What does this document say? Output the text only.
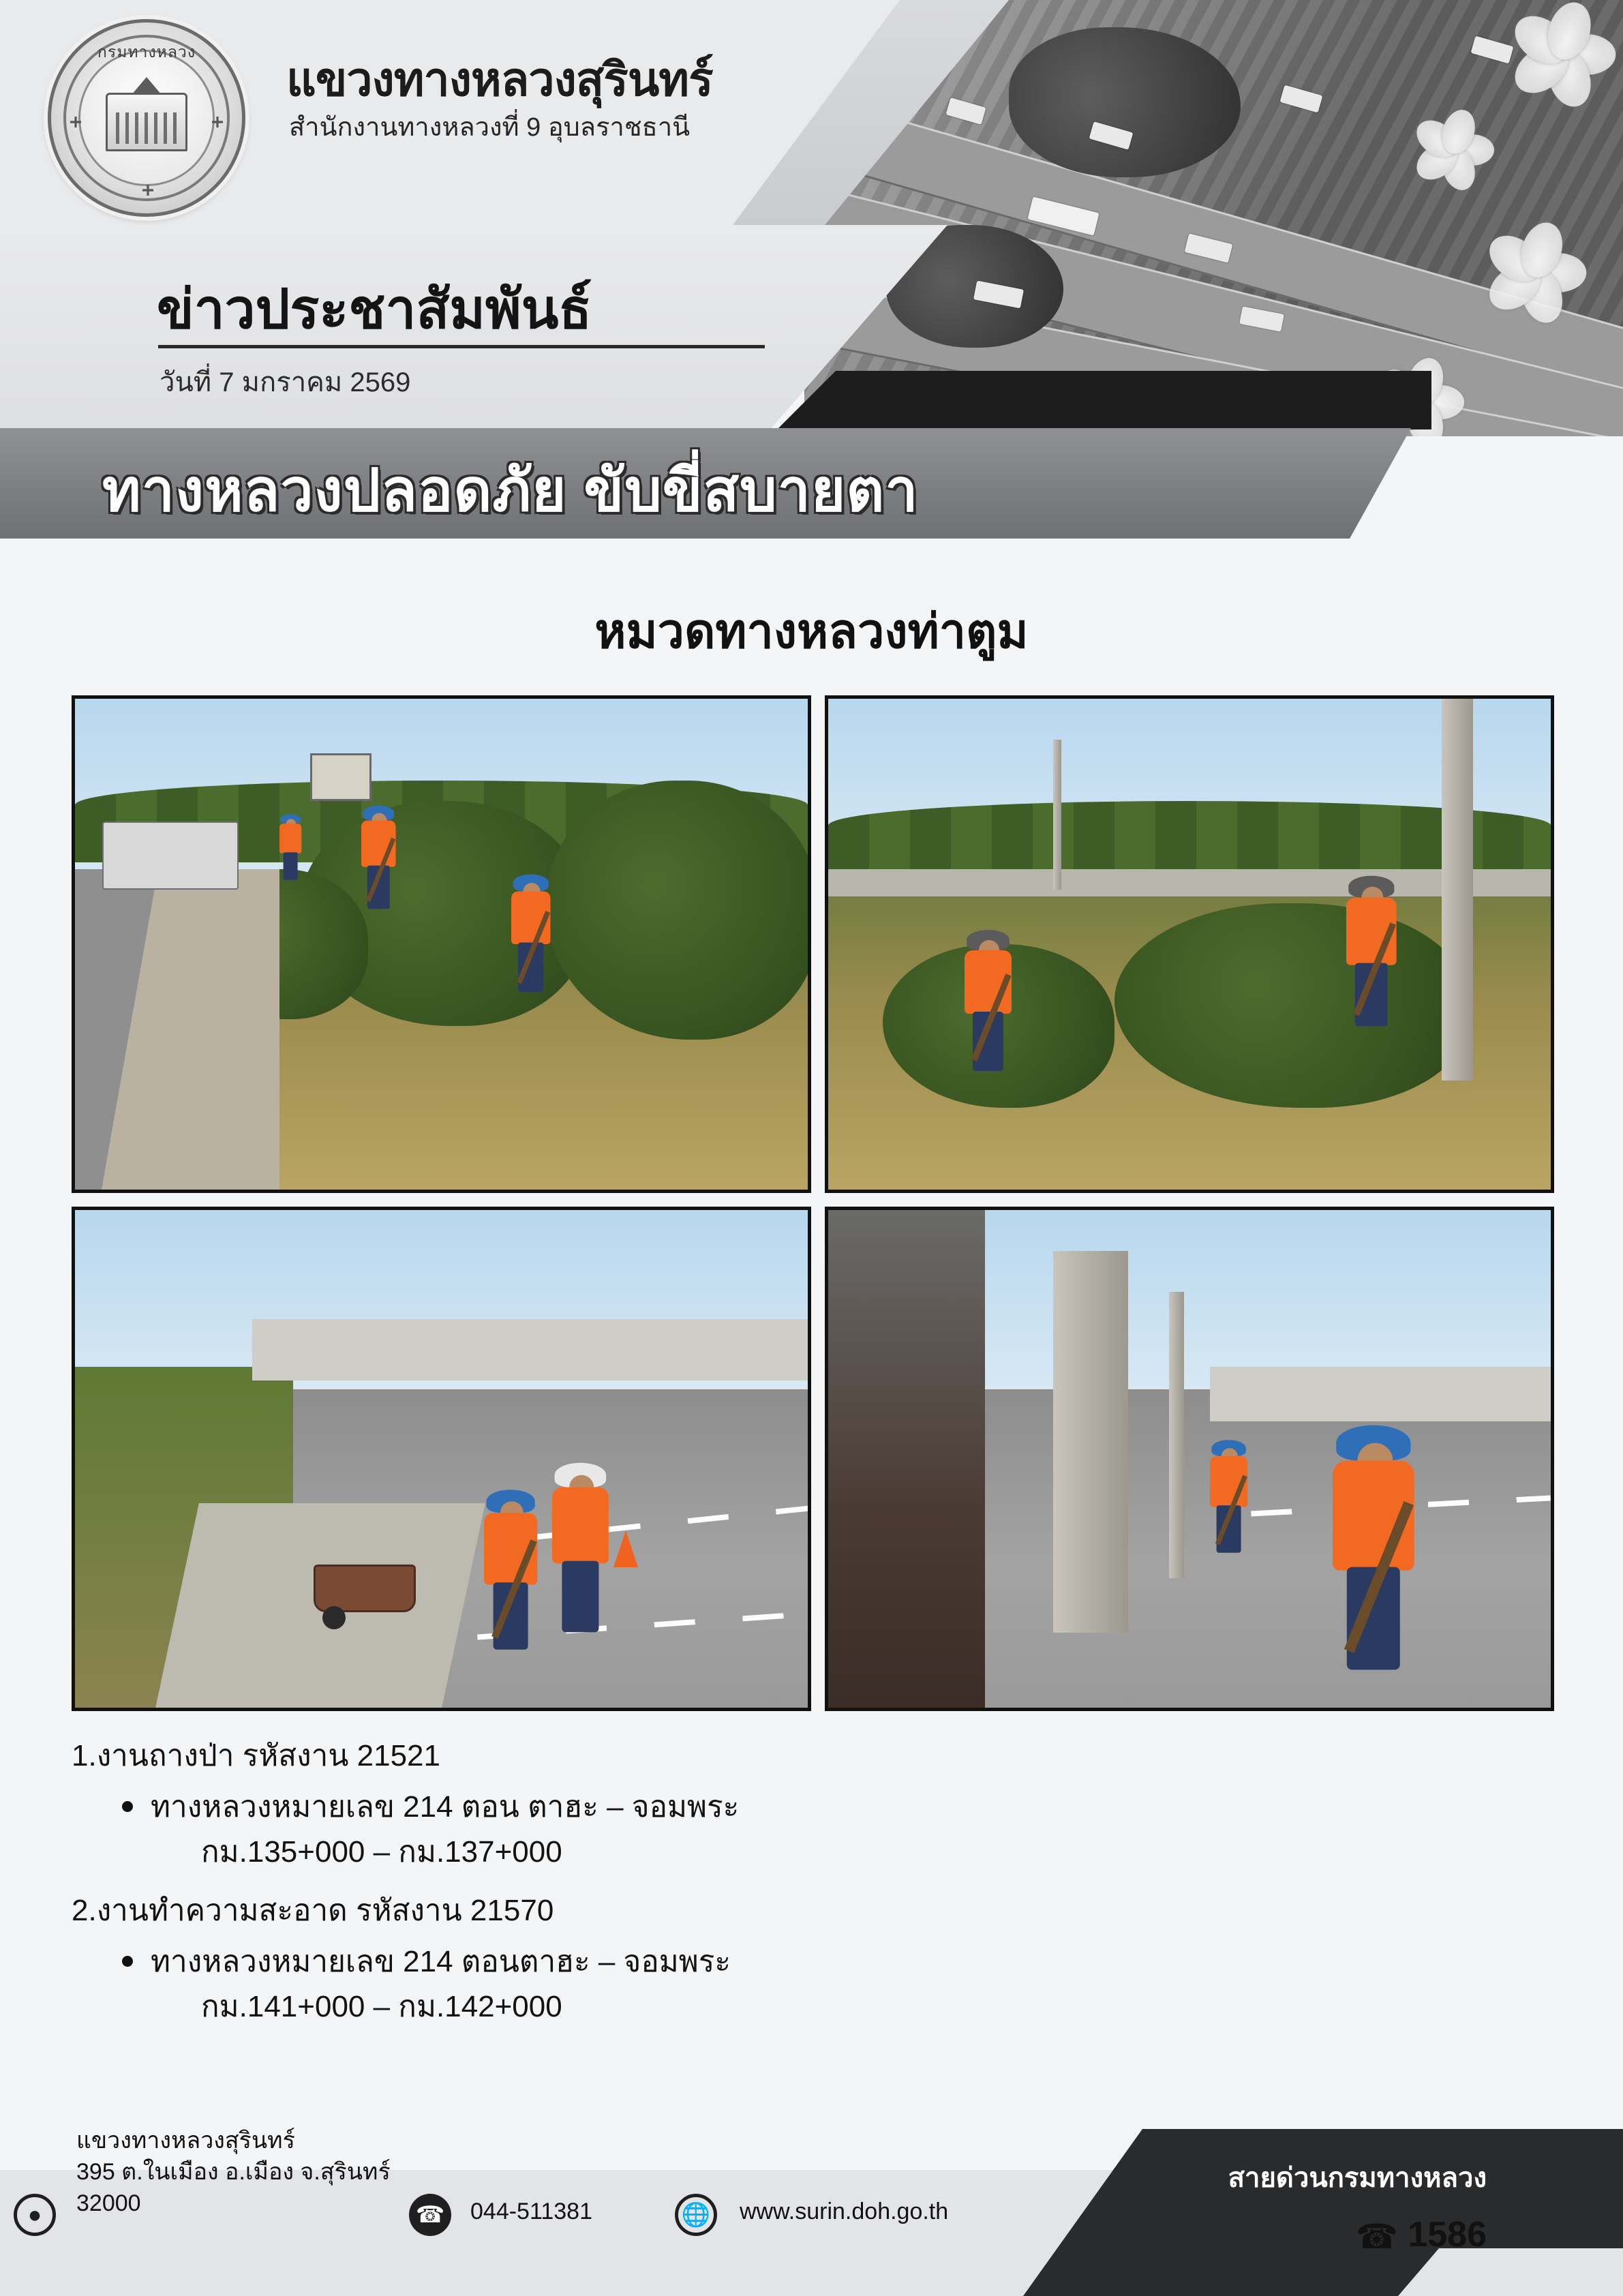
กรมทางหลวง
แขวงทางหลวงสุรินทร์
สำนักงานทางหลวงที่ 9 อุบลราชธานี
ข่าวประชาสัมพันธ์
วันที่ 7 มกราคม 2569
ทางหลวงปลอดภัย ขับขี่สบายตา
หมวดทางหลวงท่าตูม
1.งานถางป่า รหัสงาน 21521
ทางหลวงหมายเลข 214 ตอน ตาฮะ – จอมพระ
กม.135+000 – กม.137+000
2.งานทำความสะอาด รหัสงาน 21570
ทางหลวงหมายเลข 214 ตอนตาฮะ – จอมพระ
กม.141+000 – กม.142+000
●
แขวงทางหลวงสุรินทร์
395 ต.ในเมือง อ.เมือง จ.สุรินทร์
32000	☎ 044-511381	🌐 www.surin.doh.go.th
สายด่วนกรมทางหลวง
☎ 1586
